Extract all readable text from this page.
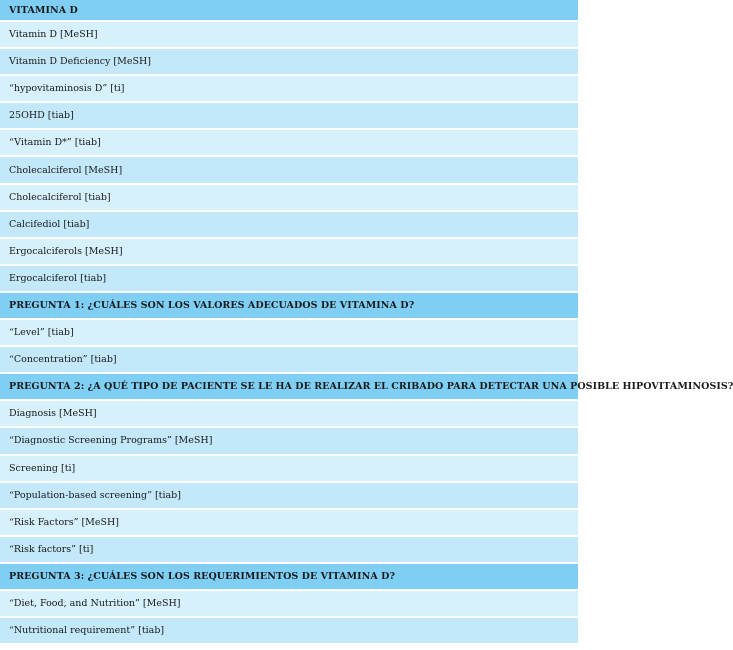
VITAMINA D
Vitamin D [MeSH]
Vitamin D Deficiency [MeSH]
“hypovitaminosis D” [ti]
25OHD [tiab]
“Vitamin D*” [tiab]
Cholecalciferol [MeSH]
Cholecalciferol [tiab]
Calcifediol [tiab]
Ergocalciferols [MeSH]
Ergocalciferol [tiab]
PREGUNTA 1: ¿CUÁLES SON LOS VALORES ADECUADOS DE VITAMINA D?
“Level” [tiab]
“Concentration” [tiab]
PREGUNTA 2: ¿A QUÉ TIPO DE PACIENTE SE LE HA DE REALIZAR EL CRIBADO PARA DETECTAR UNA POSIBLE HIPOVITAMINOSIS?
Diagnosis [MeSH]
“Diagnostic Screening Programs” [MeSH]
Screening [ti]
“Population-based screening” [tiab]
“Risk Factors” [MeSH]
“Risk factors” [ti]
PREGUNTA 3: ¿CUÁLES SON LOS REQUERIMIENTOS DE VITAMINA D?
“Diet, Food, and Nutrition” [MeSH]
“Nutritional requirement” [tiab]
